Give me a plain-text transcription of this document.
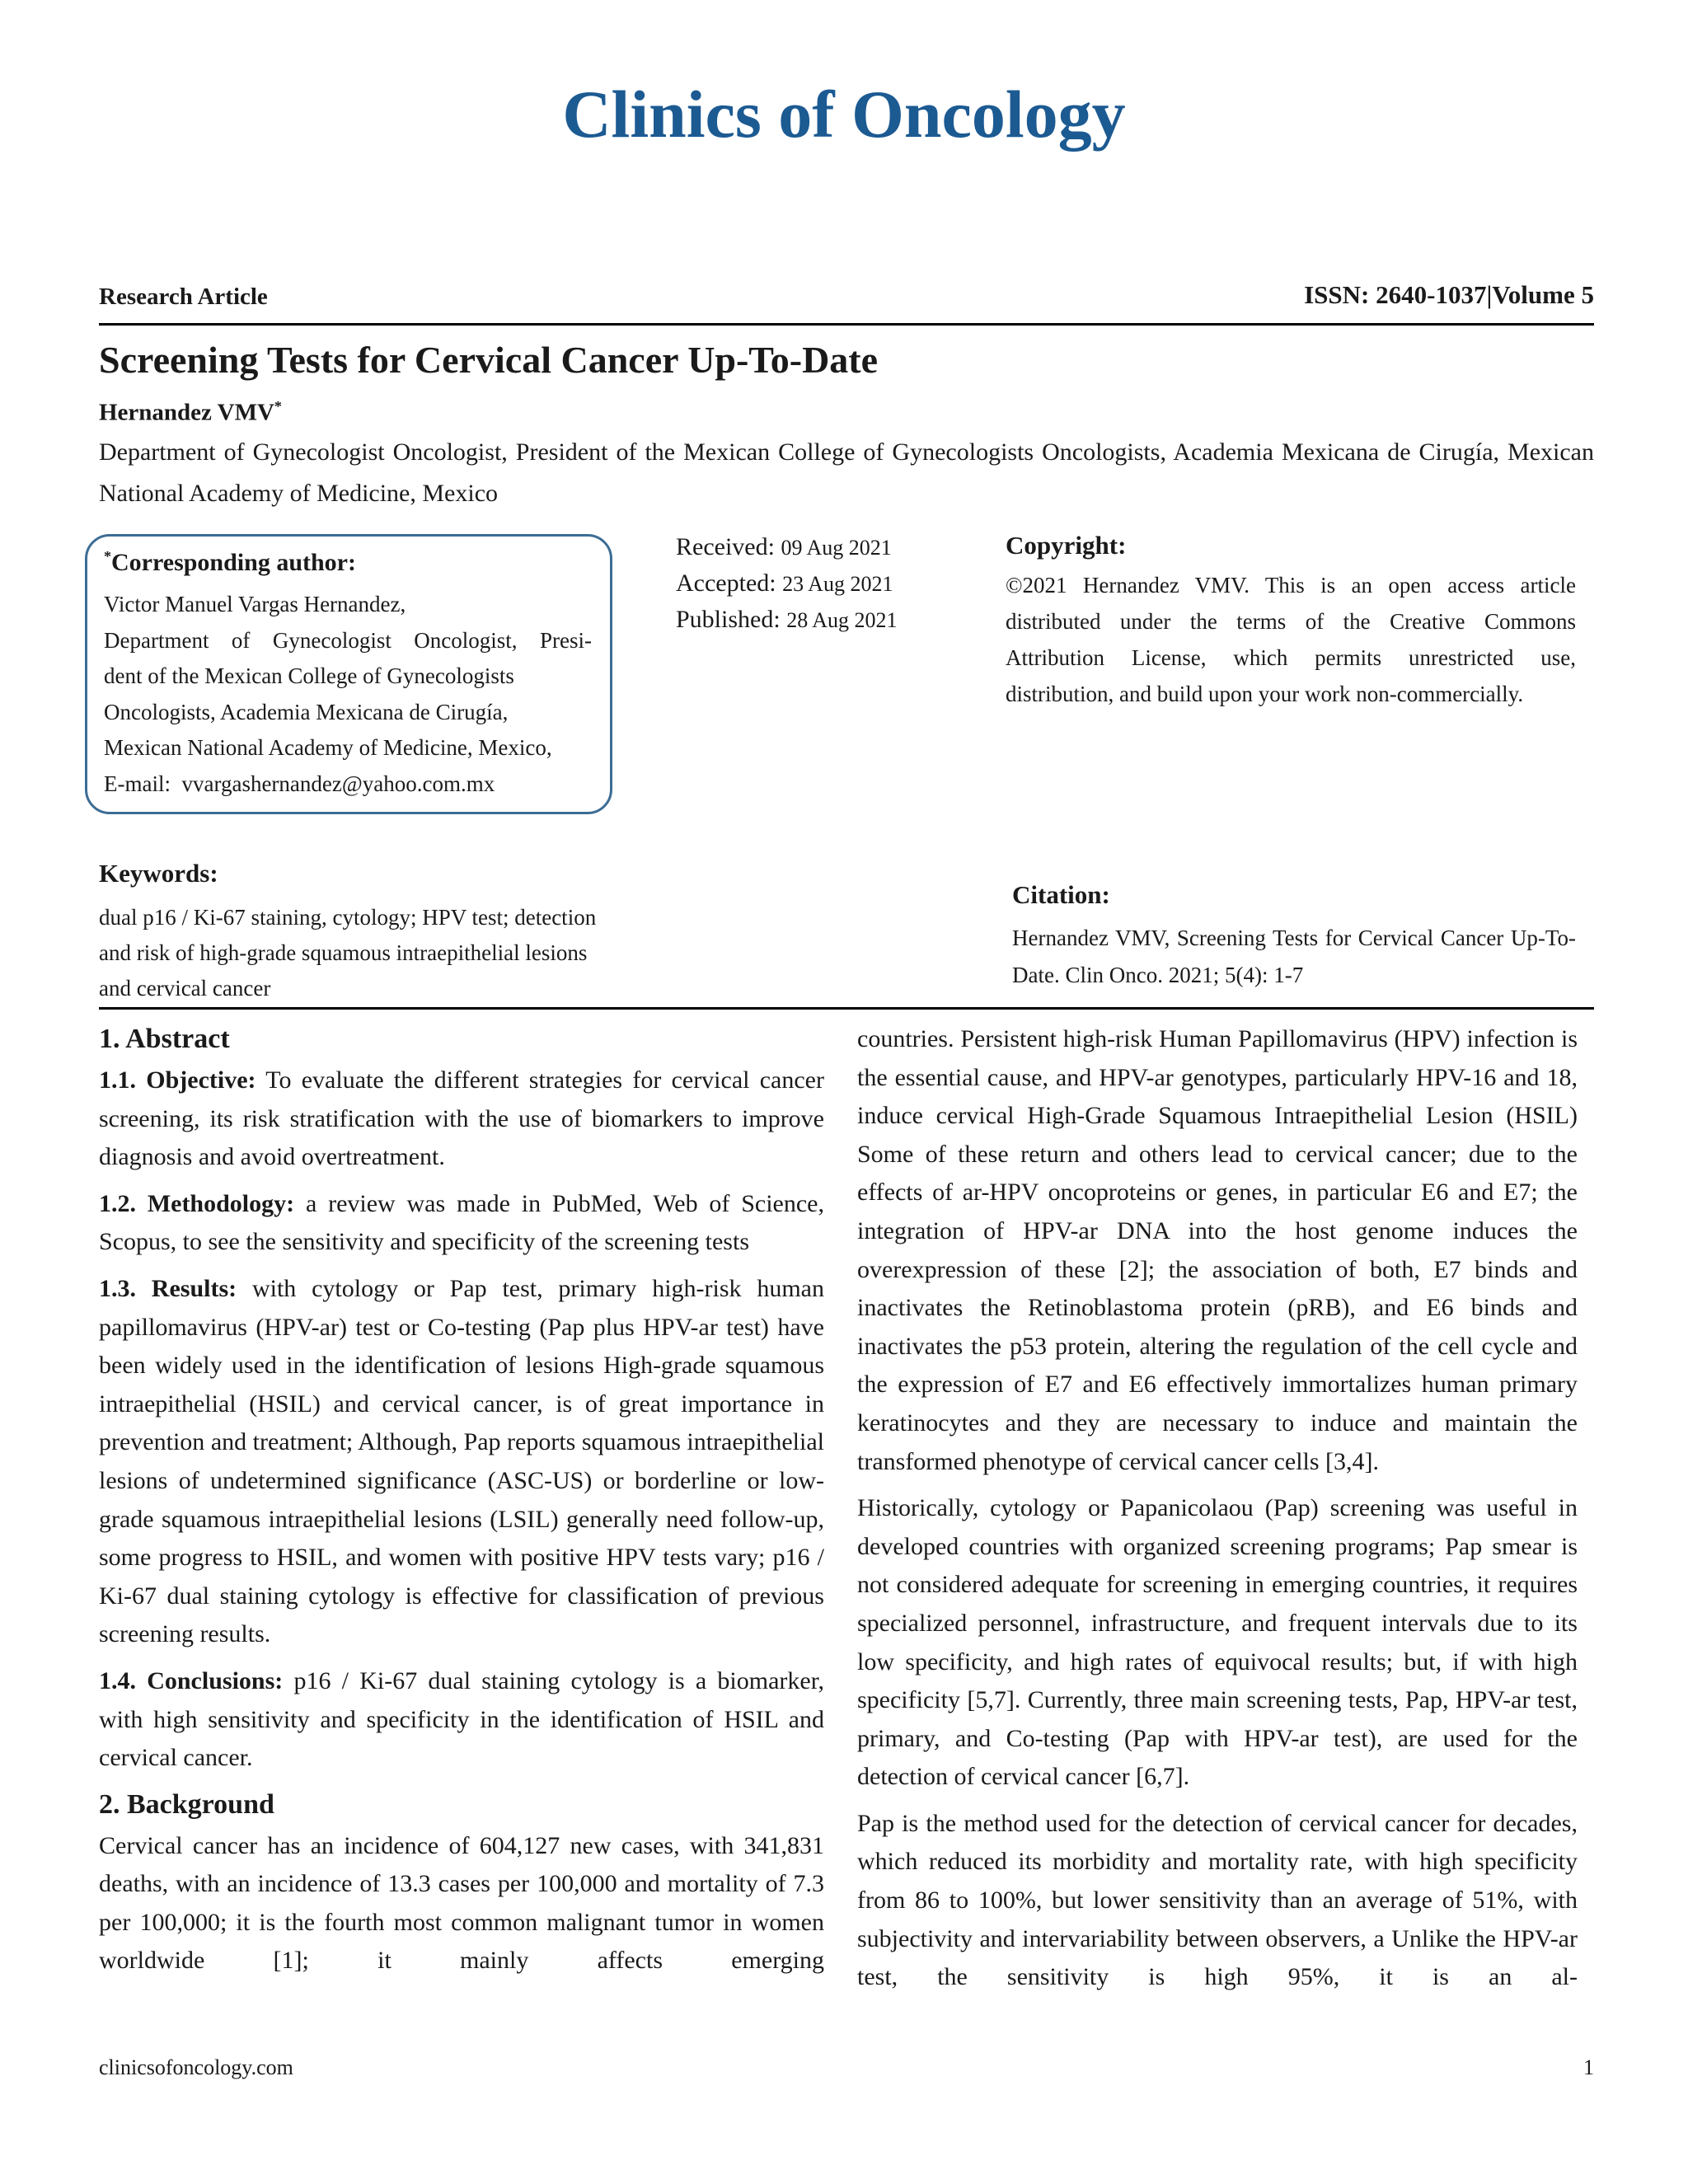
Clinics of Oncology
Research Article	ISSN: 2640-1037|Volume 5
Screening Tests for Cervical Cancer Up-To-Date
Hernandez VMV*

Department of Gynecologist Oncologist, President of the Mexican College of Gynecologists Oncologists, Academia Mexicana de Cirugía, Mexican National Academy of Medicine, Mexico

*Corresponding author:

Victor Manuel Vargas Hernandez,
Department of Gynecologist Oncologist, Presi-
dent of the Mexican College of Gynecologists
Oncologists, Academia Mexicana de Cirugía,
Mexican National Academy of Medicine, Mexico,
E-mail:  vvargashernandez@yahoo.com.mx
Received: 09 Aug 2021
Accepted: 23 Aug 2021
Published: 28 Aug 2021

Copyright:

©2021 Hernandez VMV. This is an open access article distributed under the terms of the Creative Commons Attribution License, which permits unrestricted use, distribution, and build upon your work non-commercially.

Keywords:

dual p16 / Ki-67 staining, cytology; HPV test; detection and risk of high-grade squamous intraepithelial lesions and cervical cancer

Citation:

Hernandez VMV, Screening Tests for Cervical Cancer Up-To-Date. Clin Onco. 2021; 5(4): 1-7

1. Abstract

1.1. Objective: To evaluate the different strategies for cervical cancer screening, its risk stratification with the use of biomarkers to improve diagnosis and avoid overtreatment.

1.2. Methodology: a review was made in PubMed, Web of Science, Scopus, to see the sensitivity and specificity of the screening tests

1.3. Results: with cytology or Pap test, primary high-risk human papillomavirus (HPV-ar) test or Co-testing (Pap plus HPV-ar test) have been widely used in the identification of lesions High-grade squamous intraepithelial (HSIL) and cervical cancer, is of great importance in prevention and treatment; Although, Pap reports squamous intraepithelial lesions of undetermined significance (ASC-US) or borderline or low-grade squamous intraepithelial lesions (LSIL) generally need follow-up, some progress to HSIL, and women with positive HPV tests vary; p16 / Ki-67 dual staining cytology is effective for classification of previous screening results.

1.4. Conclusions: p16 / Ki-67 dual staining cytology is a biomarker, with high sensitivity and specificity in the identification of HSIL and cervical cancer.

2. Background

Cervical cancer has an incidence of 604,127 new cases, with 341,831 deaths, with an incidence of 13.3 cases per 100,000 and mortality of 7.3 per 100,000; it is the fourth most common malignant tumor in women worldwide [1]; it mainly affects emerging

countries. Persistent high-risk Human Papillomavirus (HPV) infection is the essential cause, and HPV-ar genotypes, particularly HPV-16 and 18, induce cervical High-Grade Squamous Intraepithelial Lesion (HSIL) Some of these return and others lead to cervical cancer; due to the effects of ar-HPV oncoproteins or genes, in particular E6 and E7; the integration of HPV-ar DNA into the host genome induces the overexpression of these [2]; the association of both, E7 binds and inactivates the Retinoblastoma protein (pRB), and E6 binds and inactivates the p53 protein, altering the regulation of the cell cycle and the expression of E7 and E6 effectively immortalizes human primary keratinocytes and they are necessary to induce and maintain the transformed phenotype of cervical cancer cells [3,4].

Historically, cytology or Papanicolaou (Pap) screening was useful in developed countries with organized screening programs; Pap smear is not considered adequate for screening in emerging countries, it requires specialized personnel, infrastructure, and frequent intervals due to its low specificity, and high rates of equivocal results; but, if with high specificity [5,7]. Currently, three main screening tests, Pap, HPV-ar test, primary, and Co-testing (Pap with HPV-ar test), are used for the detection of cervical cancer [6,7].

Pap is the method used for the detection of cervical cancer for decades, which reduced its morbidity and mortality rate, with high specificity from 86 to 100%, but lower sensitivity than an average of 51%, with subjectivity and intervariability between observers, a Unlike the HPV-ar test, the sensitivity is high 95%, it is an al-

clinicsofoncology.com	1
